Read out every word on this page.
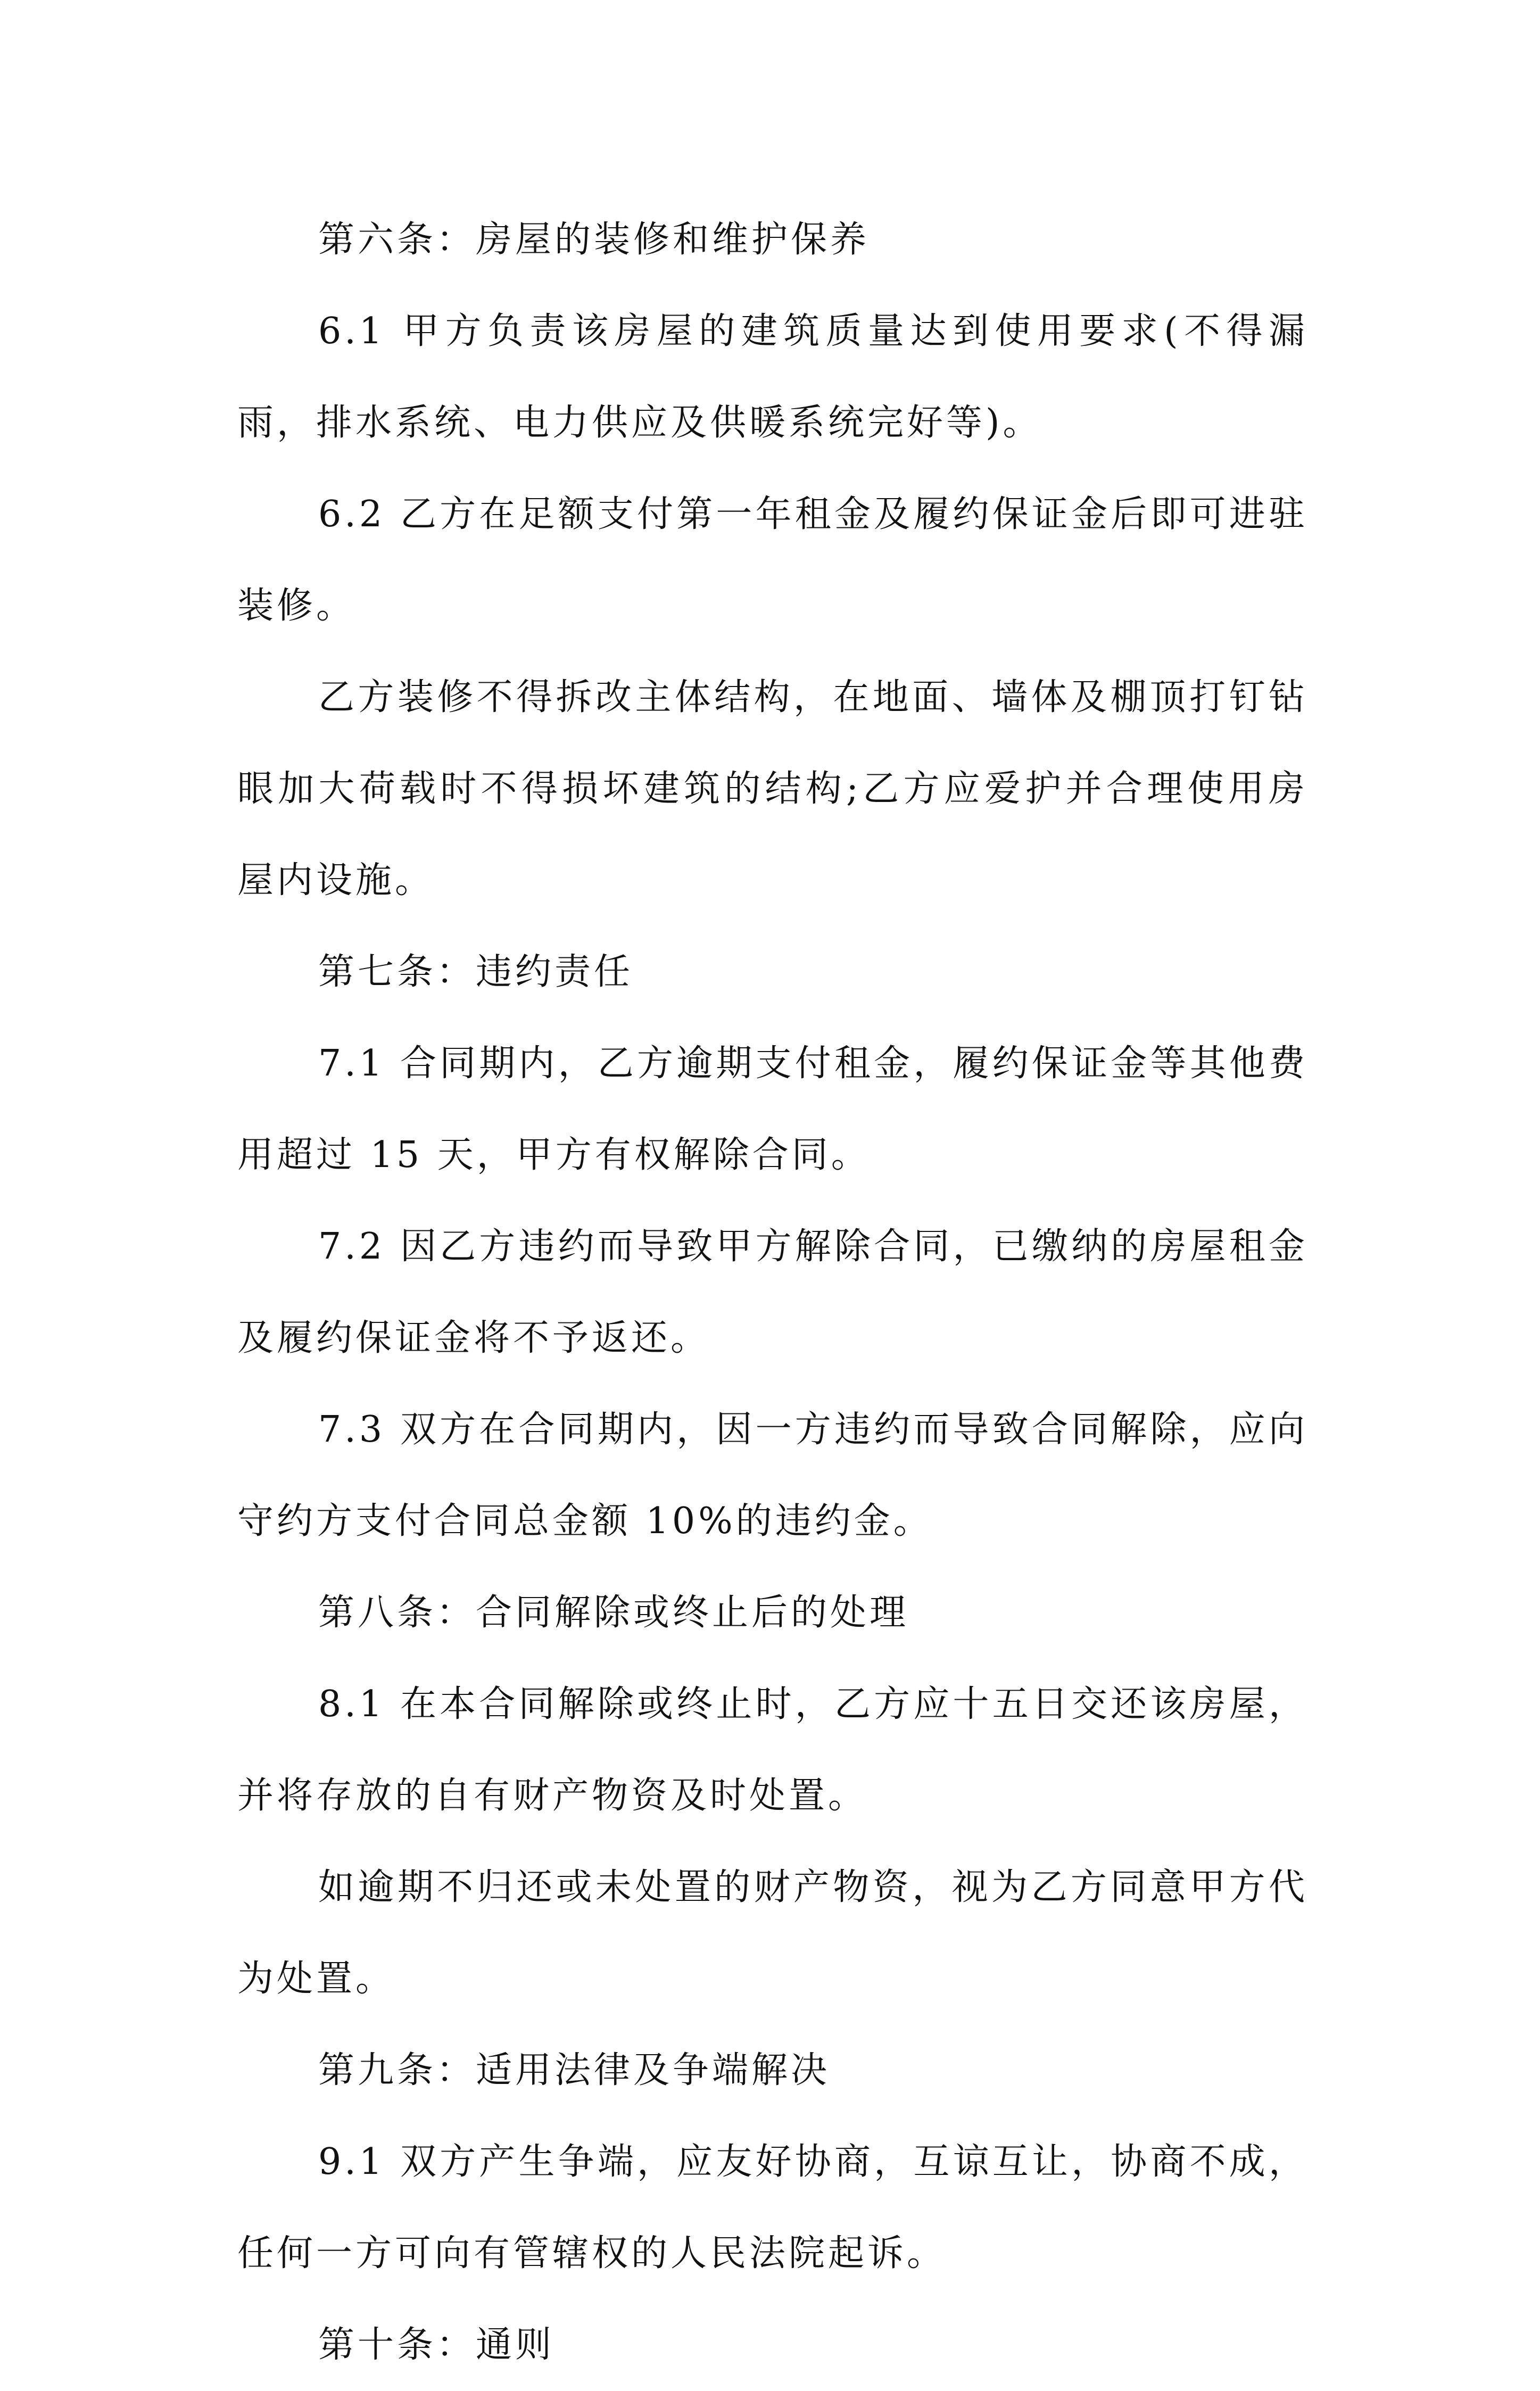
第六条：房屋的装修和维护保养

6.1 甲方负责该房屋的建筑质量达到使用要求(不得漏雨，排水系统、电力供应及供暖系统完好等)。

6.2 乙方在足额支付第一年租金及履约保证金后即可进驻装修。

乙方装修不得拆改主体结构，在地面、墙体及棚顶打钉钻眼加大荷载时不得损坏建筑的结构;乙方应爱护并合理使用房屋内设施。

第七条：违约责任

7.1 合同期内，乙方逾期支付租金，履约保证金等其他费用超过 15 天，甲方有权解除合同。

7.2 因乙方违约而导致甲方解除合同，已缴纳的房屋租金及履约保证金将不予返还。

7.3 双方在合同期内，因一方违约而导致合同解除，应向守约方支付合同总金额 10%的违约金。

第八条：合同解除或终止后的处理

8.1 在本合同解除或终止时，乙方应十五日交还该房屋，并将存放的自有财产物资及时处置。

如逾期不归还或未处置的财产物资，视为乙方同意甲方代为处置。

第九条：适用法律及争端解决

9.1 双方产生争端，应友好协商，互谅互让，协商不成，任何一方可向有管辖权的人民法院起诉。

第十条：通则
